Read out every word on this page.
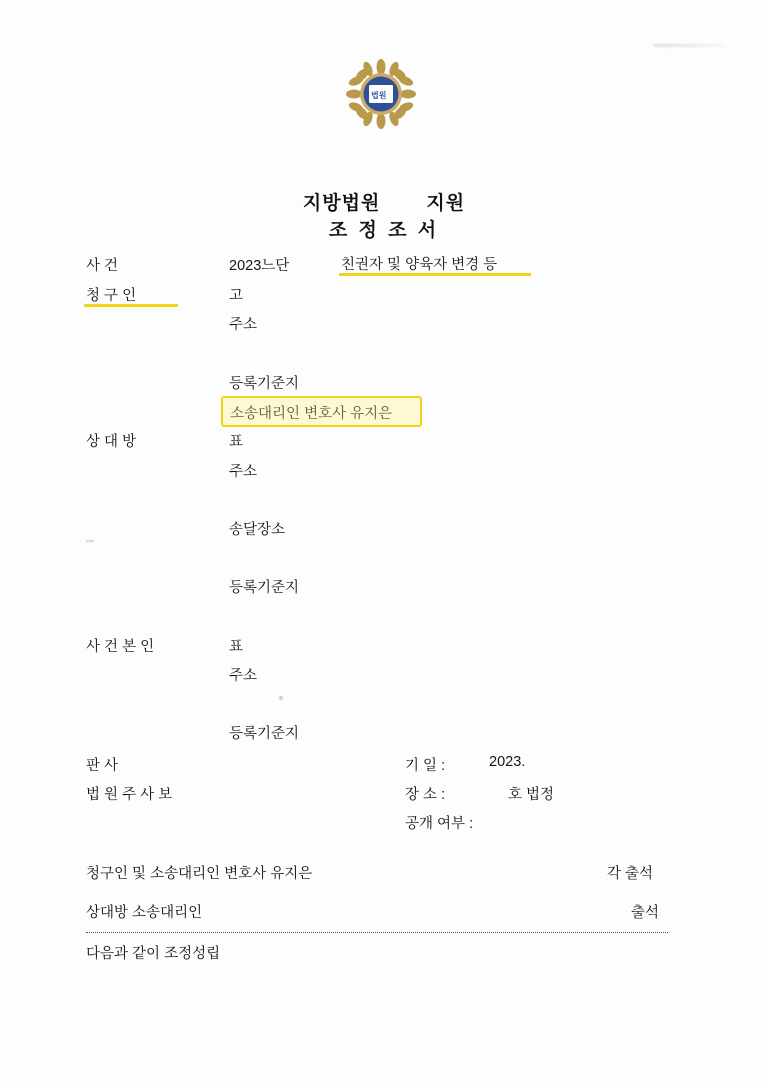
법원
지방법원 지원
조 정 조 서
사 건	2023느단	친권자 및 양육자 변경 등
청 구 인	고
주소
등록기준지
소송대리인 변호사 유지은
상 대 방	표
주소
송달장소
등록기준지
사 건 본 인	표
주소
등록기준지
판 사
법 원 주 사 보
기 일 :	2023.
장 소 :	호 법정
공개 여부 :
청구인 및 소송대리인 변호사 유지은	각 출석
상대방 소송대리인	출석
다음과 같이 조정성립
